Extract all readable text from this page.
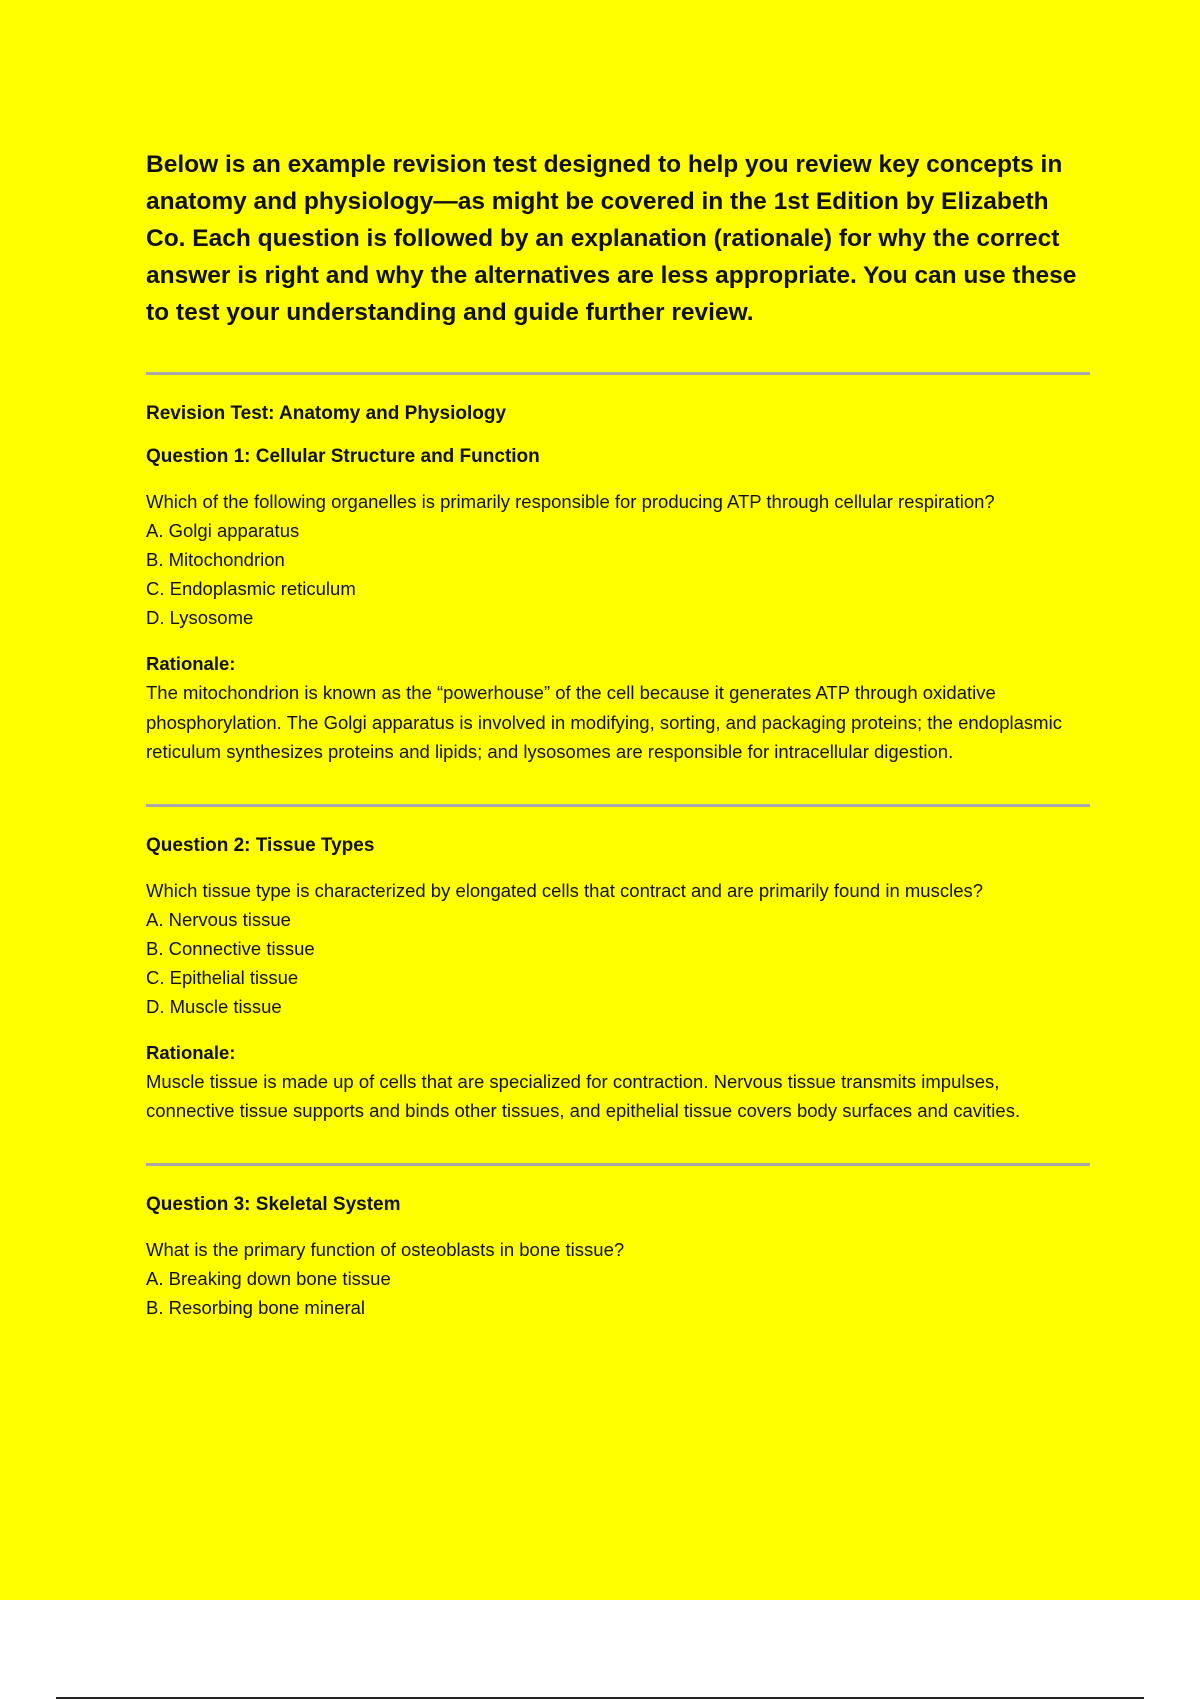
Below is an example revision test designed to help you review key concepts in anatomy and physiology—as might be covered in the 1st Edition by Elizabeth Co. Each question is followed by an explanation (rationale) for why the correct answer is right and why the alternatives are less appropriate. You can use these to test your understanding and guide further review.

Revision Test: Anatomy and Physiology

Question 1: Cellular Structure and Function

Which of the following organelles is primarily responsible for producing ATP through cellular respiration?

A. Golgi apparatus
B. Mitochondrion
C. Endoplasmic reticulum
D. Lysosome

Rationale:

The mitochondrion is known as the “powerhouse” of the cell because it generates ATP through oxidative phosphorylation. The Golgi apparatus is involved in modifying, sorting, and packaging proteins; the endoplasmic reticulum synthesizes proteins and lipids; and lysosomes are responsible for intracellular digestion.

Question 2: Tissue Types

Which tissue type is characterized by elongated cells that contract and are primarily found in muscles?

A. Nervous tissue
B. Connective tissue
C. Epithelial tissue
D. Muscle tissue

Rationale:

Muscle tissue is made up of cells that are specialized for contraction. Nervous tissue transmits impulses, connective tissue supports and binds other tissues, and epithelial tissue covers body surfaces and cavities.

Question 3: Skeletal System

What is the primary function of osteoblasts in bone tissue?

A. Breaking down bone tissue
B. Resorbing bone mineral
